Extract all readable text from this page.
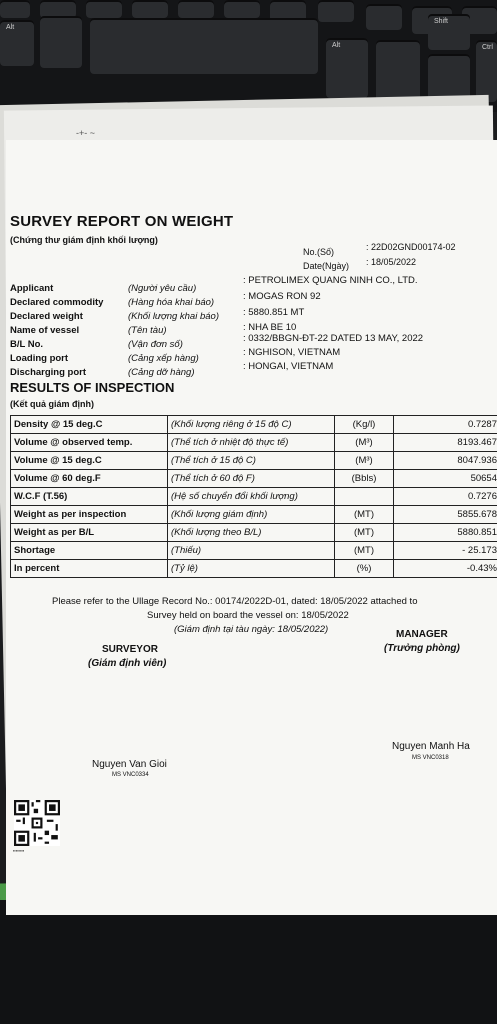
Alt
Alt
Shift
Ctrl
-+- ~
SURVEY REPORT ON WEIGHT
(Chứng thư giám định khối lượng)
: 22D02GND00174-02
No.(Số)
: 18/05/2022
Date(Ngày)
Applicant	(Người yêu cầu)
: PETROLIMEX QUANG NINH CO., LTD.
Declared commodity	(Hàng hóa khai báo)
: MOGAS RON 92
Declared weight	(Khối lượng khai báo)	: 5880.851 MT
Name of vessel	(Tên tàu)	: NHA BE 10
B/L No.	(Vận đơn số)
: 0332/BBGN-ĐT-22 DATED 13 MAY, 2022
Loading port	(Cảng xếp hàng)
: NGHISON, VIETNAM
Discharging port	(Cảng dỡ hàng)
: HONGAI, VIETNAM
RESULTS OF INSPECTION
(Kết quả giám định)
Density @ 15 deg.C	(Khối lượng riêng ở 15 độ C)	(Kg/l)	0.7287
Volume @ observed temp.	(Thể tích ở nhiệt độ thực tế)	(M³)	8193.467
Volume @ 15 deg.C	(Thể tích ở 15 độ C)	(M³)	8047.936
Volume @ 60 deg.F	(Thể tích ở 60 độ F)	(Bbls)	50654
W.C.F (T.56)	(Hệ số chuyển đổi khối lượng)		0.7276
Weight as per inspection	(Khối lượng giám định)	(MT)	5855.678
Weight as per B/L	(Khối lượng theo B/L)	(MT)	5880.851
Shortage	(Thiếu)	(MT)	- 25.173
In percent	(Tỷ lệ)	(%)	-0.43%
Please refer to the Ullage Record No.: 00174/2022D-01, dated: 18/05/2022 attached to
Survey held on board the vessel on: 18/05/2022
(Giám định tại tàu ngày: 18/05/2022)	MANAGER
(Trưởng phòng)
SURVEYOR
(Giám định viên)
Nguyen Manh Ha
MS VNC0318
Nguyen Van Gioi
MS VNC0334
▪▪▪▪▪▪▪▪
